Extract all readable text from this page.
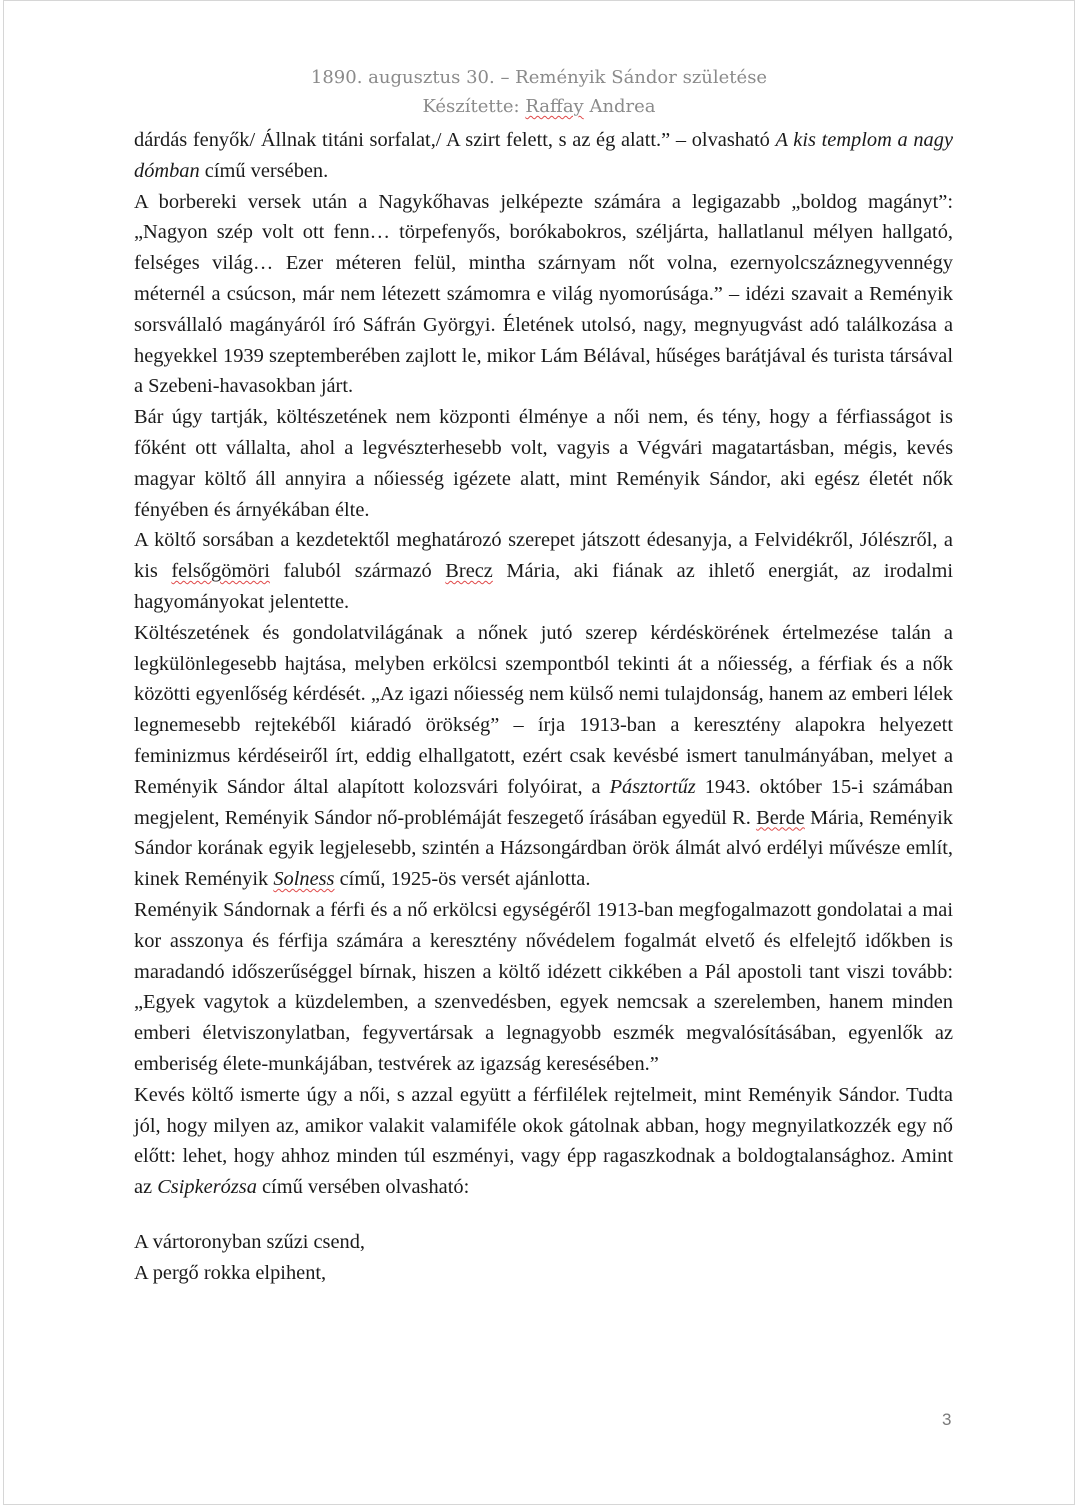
1890. augusztus 30. – Reményik Sándor születése
Készítette: Raffay Andrea

dárdás fenyők/ Állnak titáni sorfalat,/ A szirt felett, s az ég alatt.” – olvasható A kis templom a nagy dómban című versében.

A borbereki versek után a Nagykőhavas jelképezte számára a legigazabb „boldog magányt”: „Nagyon szép volt ott fenn… törpefenyős, borókabokros, széljárta, hallatlanul mélyen hallgató, felséges világ… Ezer méteren felül, mintha szárnyam nőt volna, ezernyolcszáznegyvennégy méternél a csúcson, már nem létezett számomra e világ nyomorúsága.” – idézi szavait a Reményik sorsvállaló magányáról író Sáfrán Györgyi. Életének utolsó, nagy, megnyugvást adó találkozása a hegyekkel 1939 szeptemberében zajlott le, mikor Lám Bélával, hűséges barátjával és turista társával a Szebeni-havasokban járt.

Bár úgy tartják, költészetének nem központi élménye a női nem, és tény, hogy a férfiasságot is főként ott vállalta, ahol a legvészterhesebb volt, vagyis a Végvári magatartásban, mégis, kevés magyar költő áll annyira a nőiesség igézete alatt, mint Reményik Sándor, aki egész életét nők fényében és árnyékában élte.

A költő sorsában a kezdetektől meghatározó szerepet játszott édesanyja, a Felvidékről, Jólészről, a kis felsőgömöri faluból származó Brecz Mária, aki fiának az ihlető energiát, az irodalmi hagyományokat jelentette.

Költészetének és gondolatvilágának a nőnek jutó szerep kérdéskörének értelmezése talán a legkülönlegesebb hajtása, melyben erkölcsi szempontból tekinti át a nőiesség, a férfiak és a nők közötti egyenlőség kérdését. „Az igazi nőiesség nem külső nemi tulajdonság, hanem az emberi lélek legnemesebb rejtekéből kiáradó örökség” – írja 1913-ban a keresztény alapokra helyezett feminizmus kérdéseiről írt, eddig elhallgatott, ezért csak kevésbé ismert tanulmányában, melyet a Reményik Sándor által alapított kolozsvári folyóirat, a Pásztortűz 1943. október 15-i számában megjelent, Reményik Sándor nő-problémáját feszegető írásában egyedül R. Berde Mária, Reményik Sándor korának egyik legjelesebb, szintén a Házsongárdban örök álmát alvó erdélyi művésze említ, kinek Reményik Solness című, 1925-ös versét ajánlotta.

Reményik Sándornak a férfi és a nő erkölcsi egységéről 1913-ban megfogalmazott gondolatai a mai kor asszonya és férfija számára a keresztény nővédelem fogalmát elvető és elfelejtő időkben is maradandó időszerűséggel bírnak, hiszen a költő idézett cikkében a Pál apostoli tant viszi tovább: „Egyek vagytok a küzdelemben, a szenvedésben, egyek nemcsak a szerelemben, hanem minden emberi életviszonylatban, fegyvertársak a legnagyobb eszmék megvalósításában, egyenlők az emberiség élete-munkájában, testvérek az igazság keresésében.”

Kevés költő ismerte úgy a női, s azzal együtt a férfilélek rejtelmeit, mint Reményik Sándor. Tudta jól, hogy milyen az, amikor valakit valamiféle okok gátolnak abban, hogy megnyilatkozzék egy nő előtt: lehet, hogy ahhoz minden túl eszményi, vagy épp ragaszkodnak a boldogtalansághoz. Amint az Csipkerózsa című versében olvasható:

A vártoronyban szűzi csend,
A pergő rokka elpihent,

3
